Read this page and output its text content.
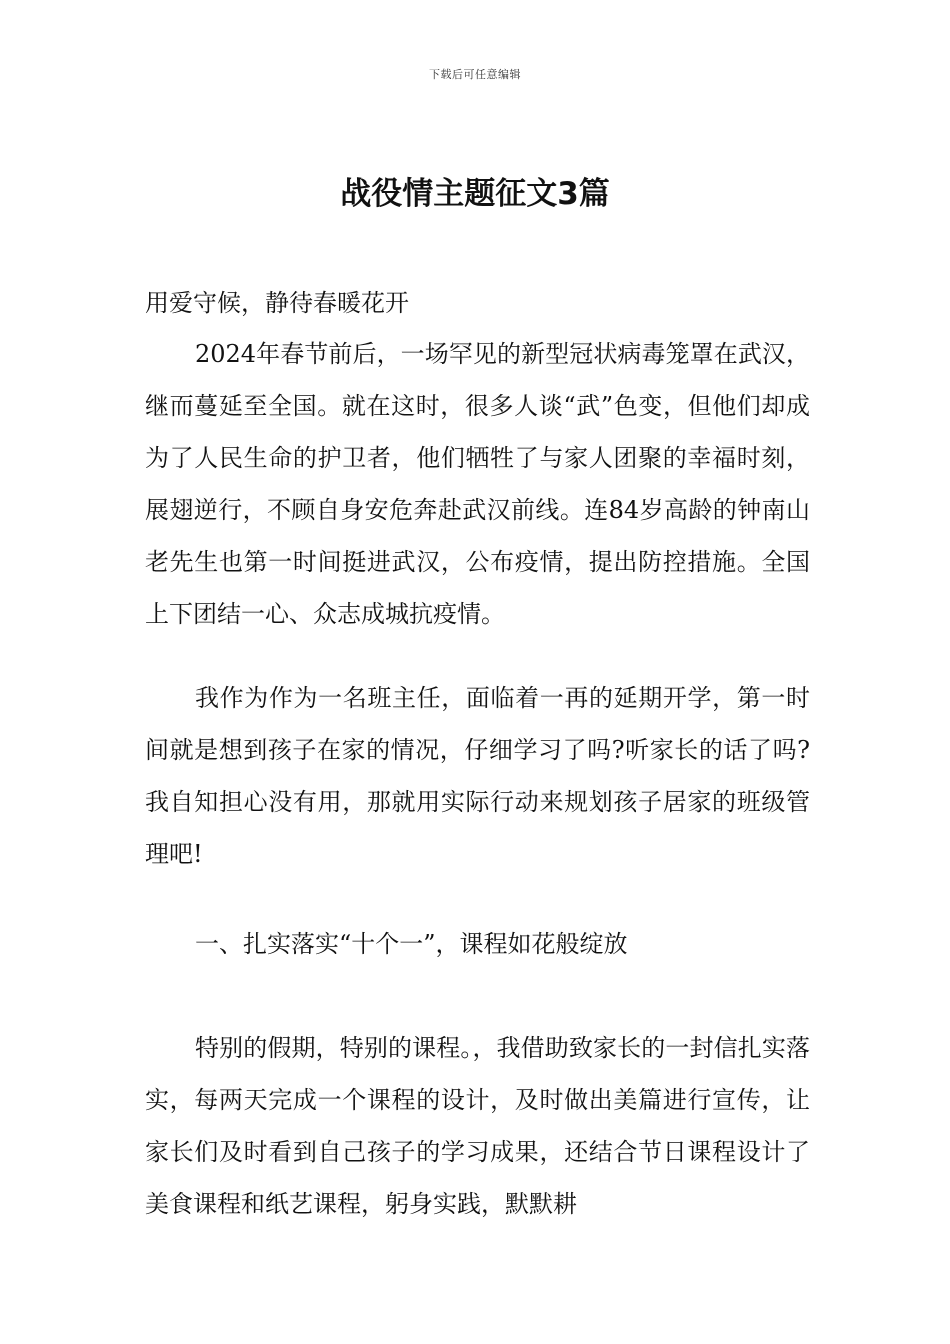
下载后可任意编辑
战役情主题征文3篇

用爱守候，静待春暖花开

2024年春节前后，一场罕见的新型冠状病毒笼罩在武汉，继而蔓延至全国。就在这时，很多人谈“武”色变，但他们却成为了人民生命的护卫者，他们牺牲了与家人团聚的幸福时刻，展翅逆行，不顾自身安危奔赴武汉前线。连84岁高龄的钟南山老先生也第一时间挺进武汉，公布疫情，提出防控措施。全国上下团结一心、众志成城抗疫情。

我作为作为一名班主任，面临着一再的延期开学，第一时间就是想到孩子在家的情况，仔细学习了吗?听家长的话了吗?我自知担心没有用，那就用实际行动来规划孩子居家的班级管理吧!

一、扎实落实“十个一”，课程如花般绽放

特别的假期，特别的课程。，我借助致家长的一封信扎实落实，每两天完成一个课程的设计，及时做出美篇进行宣传，让家长们及时看到自己孩子的学习成果，还结合节日课程设计了美食课程和纸艺课程，躬身实践，默默耕
